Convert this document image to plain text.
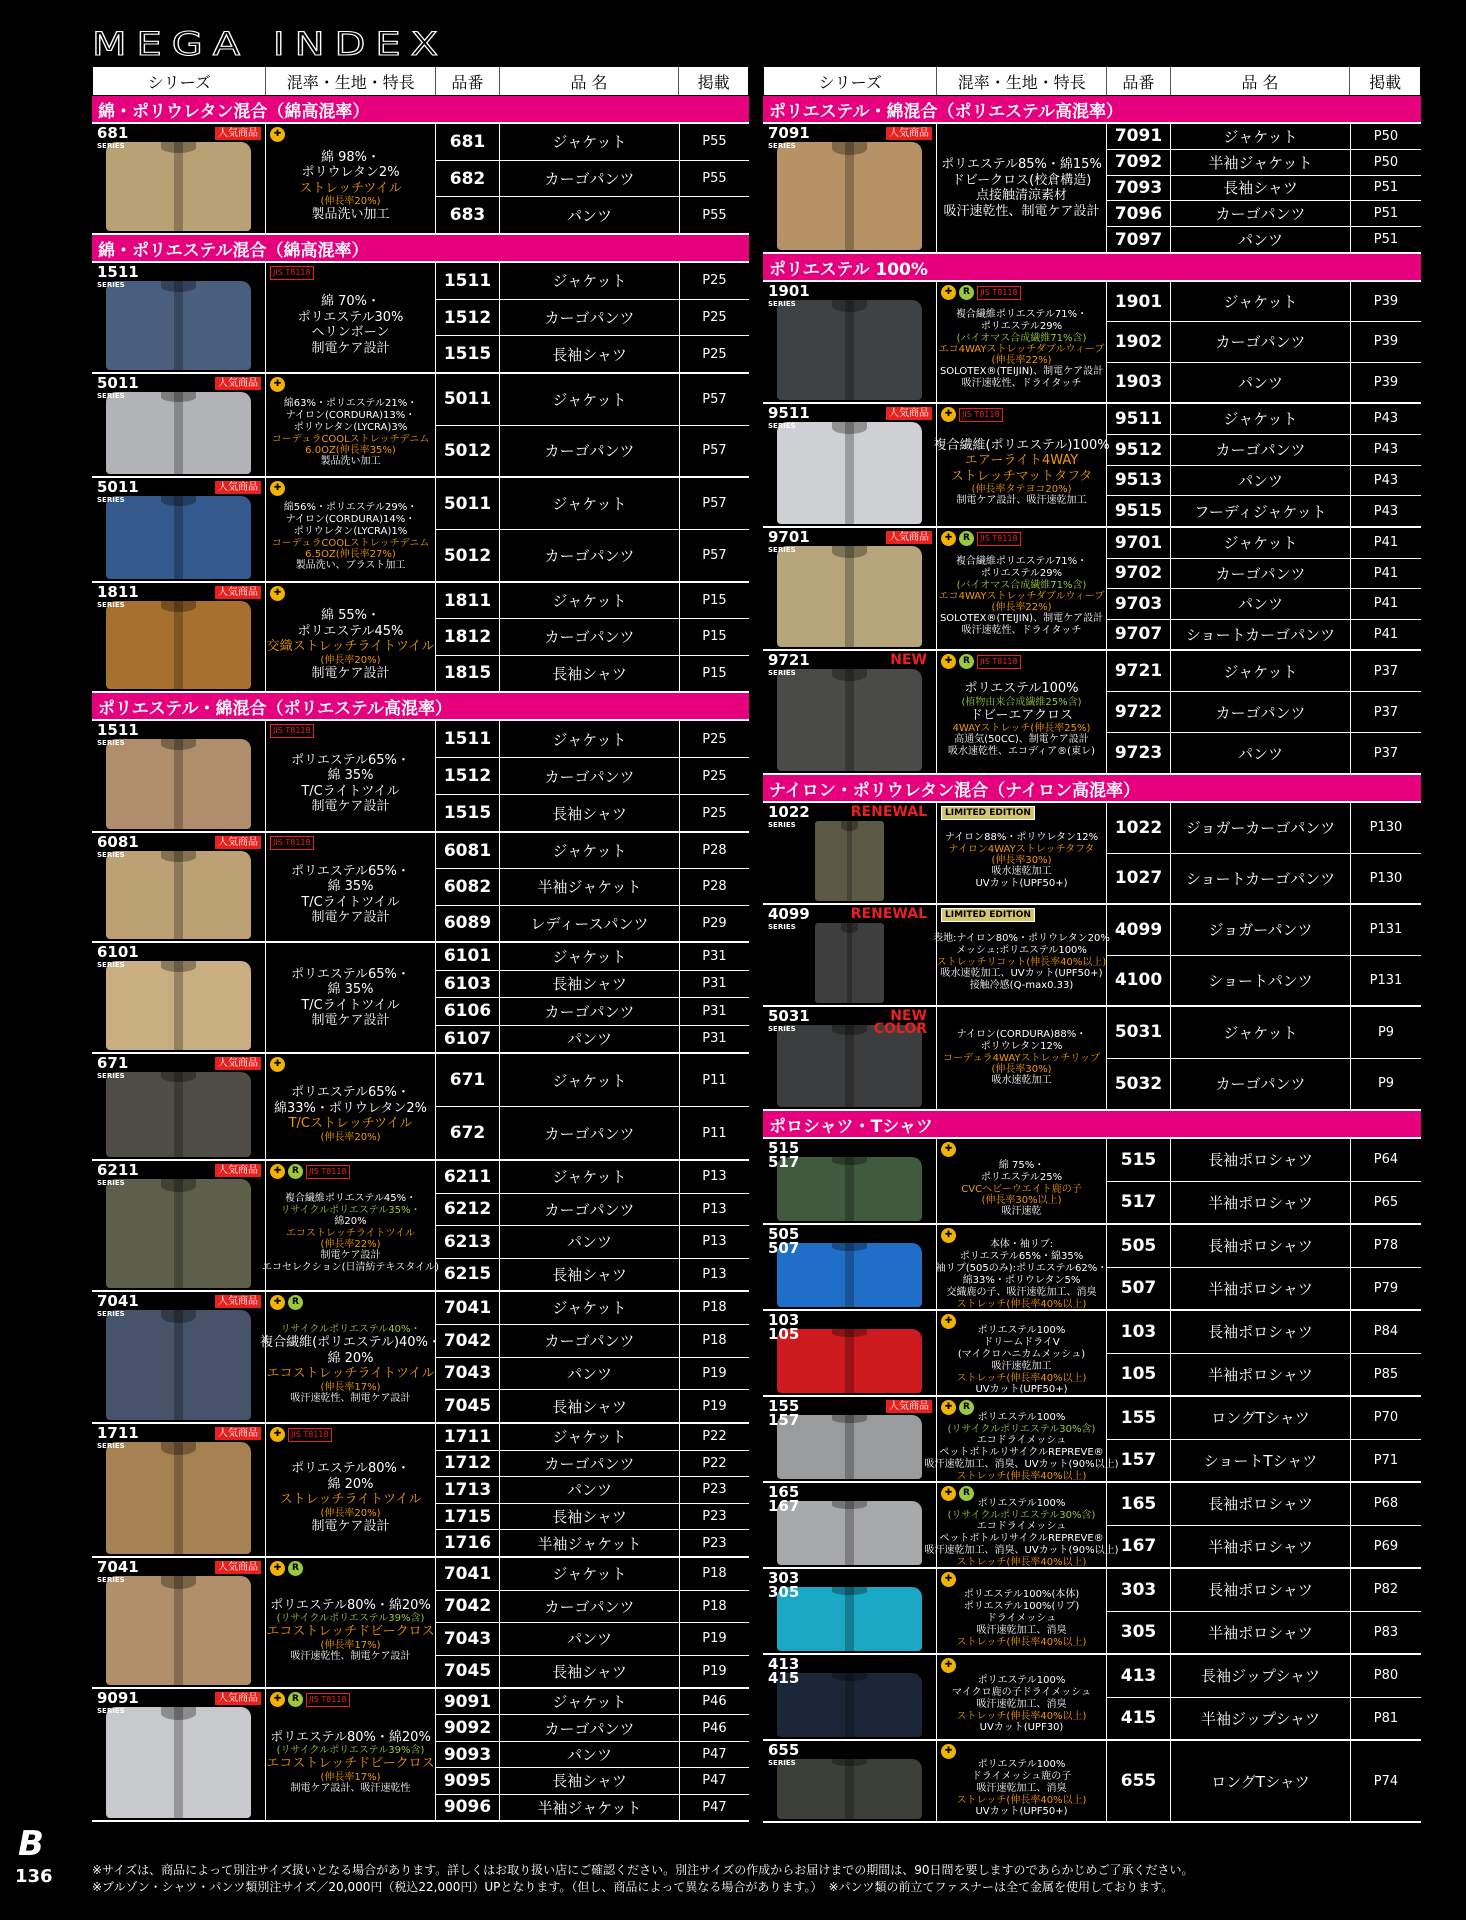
MEGA INDEX
シリーズ	混率・生地・特長	品番	品 名	掲載
綿・ポリウレタン混合（綿高混率）
681
SERIES
人気商品	✚
綿 98%・
ポリウレタン2%
ストレッチツイル
(伸長率20%)
製品洗い加工
681	ジャケット	P55
682	カーゴパンツ	P55
683	パンツ	P55
綿・ポリエステル混合（綿高混率）
1511
SERIES
JIS T8118
綿 70%・
ポリエステル30%
ヘリンボーン
制電ケア設計
1511	ジャケット	P25
1512	カーゴパンツ	P25
1515	長袖シャツ	P25
5011
SERIES
人気商品	✚
綿63%・ポリエステル21%・
ナイロン(CORDURA)13%・
ポリウレタン(LYCRA)3%
コーデュラCOOLストレッチデニム
6.0OZ(伸長率35%)
製品洗い加工
5011	ジャケット	P57
5012	カーゴパンツ	P57
5011
SERIES
人気商品	✚
綿56%・ポリエステル29%・
ナイロン(CORDURA)14%・
ポリウレタン(LYCRA)1%
コーデュラCOOLストレッチデニム
6.5OZ(伸長率27%)
製品洗い、ブラスト加工
5011	ジャケット	P57
5012	カーゴパンツ	P57
1811
SERIES
人気商品	✚
綿 55%・
ポリエステル45%
交織ストレッチライトツイル
(伸長率20%)
制電ケア設計
1811	ジャケット	P15
1812	カーゴパンツ	P15
1815	長袖シャツ	P15
ポリエステル・綿混合（ポリエステル高混率）
1511
SERIES
JIS T8118
ポリエステル65%・
綿 35%
T/Cライトツイル
制電ケア設計
1511	ジャケット	P25
1512	カーゴパンツ	P25
1515	長袖シャツ	P25
6081
SERIES
人気商品	JIS T8118
ポリエステル65%・
綿 35%
T/Cライトツイル
制電ケア設計
6081	ジャケット	P28
6082	半袖ジャケット	P28
6089	レディースパンツ	P29
6101
SERIES
ポリエステル65%・
綿 35%
T/Cライトツイル
制電ケア設計
6101	ジャケット	P31
6103	長袖シャツ	P31
6106	カーゴパンツ	P31
6107	パンツ	P31
671
SERIES
人気商品	✚
ポリエステル65%・
綿33%・ポリウレタン2%
T/Cストレッチツイル
(伸長率20%)
671	ジャケット	P11
672	カーゴパンツ	P11
6211
SERIES
人気商品	✚	R	JIS T8118
複合繊維ポリエステル45%・
リサイクルポリエステル35%・
綿20%
エコストレッチライトツイル
(伸長率22%)
制電ケア設計
エコセレクション(日清紡テキスタイル)
6211	ジャケット	P13
6212	カーゴパンツ	P13
6213	パンツ	P13
6215	長袖シャツ	P13
7041
SERIES
人気商品	✚	R
リサイクルポリエステル40%・
複合繊維(ポリエステル)40%・
綿 20%
エコストレッチライトツイル
(伸長率17%)
吸汗速乾性、制電ケア設計
7041	ジャケット	P18
7042	カーゴパンツ	P18
7043	パンツ	P19
7045	長袖シャツ	P19
1711
SERIES
人気商品	✚	JIS T8118
ポリエステル80%・
綿 20%
ストレッチライトツイル
(伸長率20%)
制電ケア設計
1711	ジャケット	P22
1712	カーゴパンツ	P22
1713	パンツ	P23
1715	長袖シャツ	P23
1716	半袖ジャケット	P23
7041
SERIES
人気商品	✚	R
ポリエステル80%・綿20%
(リサイクルポリエステル39%含)
エコストレッチドビークロス
(伸長率17%)
吸汗速乾性、制電ケア設計
7041	ジャケット	P18
7042	カーゴパンツ	P18
7043	パンツ	P19
7045	長袖シャツ	P19
9091
SERIES
人気商品	✚	R	JIS T8118
ポリエステル80%・綿20%
(リサイクルポリエステル39%含)
エコストレッチドビークロス
(伸長率17%)
制電ケア設計、吸汗速乾性
9091	ジャケット	P46
9092	カーゴパンツ	P46
9093	パンツ	P47
9095	長袖シャツ	P47
9096	半袖ジャケット	P47
シリーズ	混率・生地・特長	品番	品 名	掲載
ポリエステル・綿混合（ポリエステル高混率）
7091
SERIES
人気商品
ポリエステル85%・綿15%
ドビークロス(校倉構造)
点接触清涼素材
吸汗速乾性、制電ケア設計
7091	ジャケット	P50
7092	半袖ジャケット	P50
7093	長袖シャツ	P51
7096	カーゴパンツ	P51
7097	パンツ	P51
ポリエステル 100%
1901
SERIES
✚	R	JIS T8118
複合繊維ポリエステル71%・
ポリエステル29%
(バイオマス合成繊維71%含)
エコ4WAYストレッチダブルウィーブ
(伸長率22%)
SOLOTEX®(TEIJIN)、制電ケア設計
吸汗速乾性、ドライタッチ
1901	ジャケット	P39
1902	カーゴパンツ	P39
1903	パンツ	P39
9511
SERIES
人気商品	✚	JIS T8118
複合繊維(ポリエステル)100%
エアーライト4WAY
ストレッチマットタフタ
(伸長率タテヨコ20%)
制電ケア設計、吸汗速乾加工
9511	ジャケット	P43
9512	カーゴパンツ	P43
9513	パンツ	P43
9515	フーディジャケット	P43
9701
SERIES
人気商品	✚	R	JIS T8118
複合繊維ポリエステル71%・
ポリエステル29%
(バイオマス合成繊維71%含)
エコ4WAYストレッチダブルウィーブ
(伸長率22%)
SOLOTEX®(TEIJIN)、制電ケア設計
吸汗速乾性、ドライタッチ
9701	ジャケット	P41
9702	カーゴパンツ	P41
9703	パンツ	P41
9707	ショートカーゴパンツ	P41
9721
SERIES
NEW	✚	R	JIS T8118
ポリエステル100%
(植物由来合成繊維25%含)
ドビーエアクロス
4WAYストレッチ(伸長率25%)
高通気(50CC)、制電ケア設計
吸水速乾性、エコディア®(東レ)
9721	ジャケット	P37
9722	カーゴパンツ	P37
9723	パンツ	P37
ナイロン・ポリウレタン混合（ナイロン高混率）
1022
SERIES
RENEWAL	LIMITED EDITION
ナイロン88%・ポリウレタン12%
ナイロン4WAYストレッチタフタ
(伸長率30%)
吸水速乾加工
UVカット(UPF50+)
1022	ジョガーカーゴパンツ	P130
1027	ショートカーゴパンツ	P130
4099
SERIES
RENEWAL	LIMITED EDITION
表地:ナイロン80%・ポリウレタン20%
メッシュ:ポリエステル100%
ストレッチリコット(伸長率40%以上)
吸水速乾加工、UVカット(UPF50+)
接触冷感(Q-max0.33)
4099	ジョガーパンツ	P131
4100	ショートパンツ	P131
5031
SERIES
NEW
COLOR	ナイロン(CORDURA)88%・
ポリウレタン12%
コーデュラ4WAYストレッチリップ
(伸長率30%)
吸水速乾加工
5031	ジャケット	P9
5032	カーゴパンツ	P9
ポロシャツ・Tシャツ
515
517
✚
綿 75%・
ポリエステル25%
CVCヘビーウエイト鹿の子
(伸長率30%以上)
吸汗速乾
515	長袖ポロシャツ	P64
517	半袖ポロシャツ	P65
505
507
✚
本体・袖リブ:
ポリエステル65%・綿35%
袖リブ(505のみ):ポリエステル62%・
綿33%・ポリウレタン5%
交織鹿の子、吸汗速乾加工、消臭
ストレッチ(伸長率40%以上)
505	長袖ポロシャツ	P78
507	半袖ポロシャツ	P79
103
105
✚
ポリエステル100%
ドリームドライV
(マイクロハニカムメッシュ)
吸汗速乾加工
ストレッチ(伸長率40%以上)
UVカット(UPF50+)
103	長袖ポロシャツ	P84
105	半袖ポロシャツ	P85
155
157
人気商品	✚	R
ポリエステル100%
(リサイクルポリエステル30%含)
エコドライメッシュ
ペットボトルリサイクルREPREVE®
吸汗速乾加工、消臭、UVカット(90%以上)
ストレッチ(伸長率40%以上)
155	ロングTシャツ	P70
157	ショートTシャツ	P71
165
167
✚	R
ポリエステル100%
(リサイクルポリエステル30%含)
エコドライメッシュ
ペットボトルリサイクルREPREVE®
吸汗速乾加工、消臭、UVカット(90%以上)
ストレッチ(伸長率40%以上)
165	長袖ポロシャツ	P68
167	半袖ポロシャツ	P69
303
305
✚
ポリエステル100%(本体)
ポリエステル100%(リブ)
ドライメッシュ
吸汗速乾加工、消臭
ストレッチ(伸長率40%以上)
303	長袖ポロシャツ	P82
305	半袖ポロシャツ	P83
413
415
✚
ポリエステル100%
マイクロ鹿の子ドライメッシュ
吸汗速乾加工、消臭
ストレッチ(伸長率40%以上)
UVカット(UPF30)
413	長袖ジップシャツ	P80
415	半袖ジップシャツ	P81
655
SERIES
✚
ポリエステル100%
ドライメッシュ鹿の子
吸汗速乾加工、消臭
ストレッチ(伸長率40%以上)
UVカット(UPF50+)
655	ロングTシャツ	P74
B
136	※サイズは、商品によって別注サイズ扱いとなる場合があります。詳しくはお取り扱い店にご確認ください。別注サイズの作成からお届けまでの期間は、90日間を要しますのであらかじめご了承ください。
※ブルゾン・シャツ・パンツ類別注サイズ／20,000円（税込22,000円）UPとなります。（但し、商品によって異なる場合があります。）　※パンツ類の前立てファスナーは全て金属を使用しております。
